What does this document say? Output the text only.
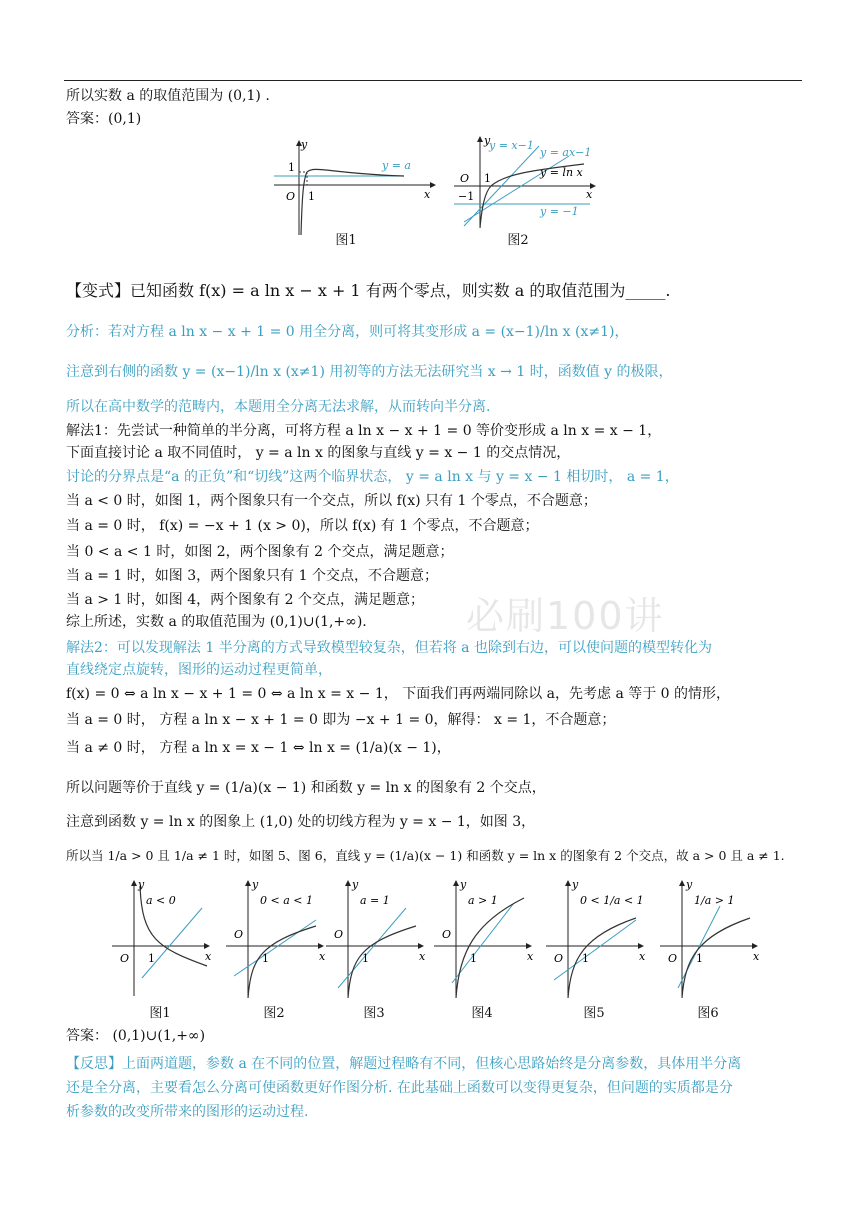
所以实数 a 的取值范围为 (0,1) .
答案：(0,1)
y
x
O 1
1	y = a
图1
y
x
O 1
−1
y = x−1
y = ax−1
y = ln x
y = −1
图2
【变式】已知函数 f(x) = a ln x − x + 1 有两个零点，则实数 a 的取值范围为_____.
分析：若对方程 a ln x − x + 1 = 0 用全分离，则可将其变形成 a = (x−1)/ln x (x≠1)，
注意到右侧的函数 y = (x−1)/ln x (x≠1) 用初等的方法无法研究当 x → 1 时，函数值 y 的极限，
所以在高中数学的范畴内，本题用全分离无法求解，从而转向半分离.
解法1：先尝试一种简单的半分离，可将方程 a ln x − x + 1 = 0 等价变形成 a ln x = x − 1，
下面直接讨论 a 取不同值时， y = a ln x 的图象与直线 y = x − 1 的交点情况，
讨论的分界点是“a 的正负”和“切线”这两个临界状态， y = a ln x 与 y = x − 1 相切时， a = 1，
当 a < 0 时，如图 1，两个图象只有一个交点，所以 f(x) 只有 1 个零点，不合题意；
当 a = 0 时， f(x) = −x + 1 (x > 0)，所以 f(x) 有 1 个零点，不合题意；
当 0 < a < 1 时，如图 2，两个图象有 2 个交点，满足题意；
当 a = 1 时，如图 3，两个图象只有 1 个交点，不合题意；
当 a > 1 时，如图 4，两个图象有 2 个交点，满足题意；
综上所述，实数 a 的取值范围为 (0,1)∪(1,+∞).	必刷100讲
解法2：可以发现解法 1 半分离的方式导致模型较复杂，但若将 a 也除到右边，可以使问题的模型转化为
直线绕定点旋转，图形的运动过程更简单，
f(x) = 0 ⇔ a ln x − x + 1 = 0 ⇔ a ln x = x − 1， 下面我们再两端同除以 a，先考虑 a 等于 0 的情形，
当 a = 0 时， 方程 a ln x − x + 1 = 0 即为 −x + 1 = 0，解得： x = 1，不合题意；
当 a ≠ 0 时， 方程 a ln x = x − 1 ⇔ ln x = (1/a)(x − 1)，
所以问题等价于直线 y = (1/a)(x − 1) 和函数 y = ln x 的图象有 2 个交点，
注意到函数 y = ln x 的图象上 (1,0) 处的切线方程为 y = x − 1，如图 3，
所以当 1/a > 0 且 1/a ≠ 1 时，如图 5、图 6，直线 y = (1/a)(x − 1) 和函数 y = ln x 的图象有 2 个交点，故 a > 0 且 a ≠ 1.
y
x
O 1
a < 0
图1
y
x
O
1
0 < a < 1
图2
y
x
O
1
a = 1
图3
y
x
O
1
a > 1
图4
y
x
O 1
0 < 1/a < 1
图5
y
x
O 1
1/a > 1
图6
答案： (0,1)∪(1,+∞)
【反思】上面两道题，参数 a 在不同的位置，解题过程略有不同，但核心思路始终是分离参数，具体用半分离
还是全分离，主要看怎么分离可使函数更好作图分析. 在此基础上函数可以变得更复杂，但问题的实质都是分
析参数的改变所带来的图形的运动过程.
